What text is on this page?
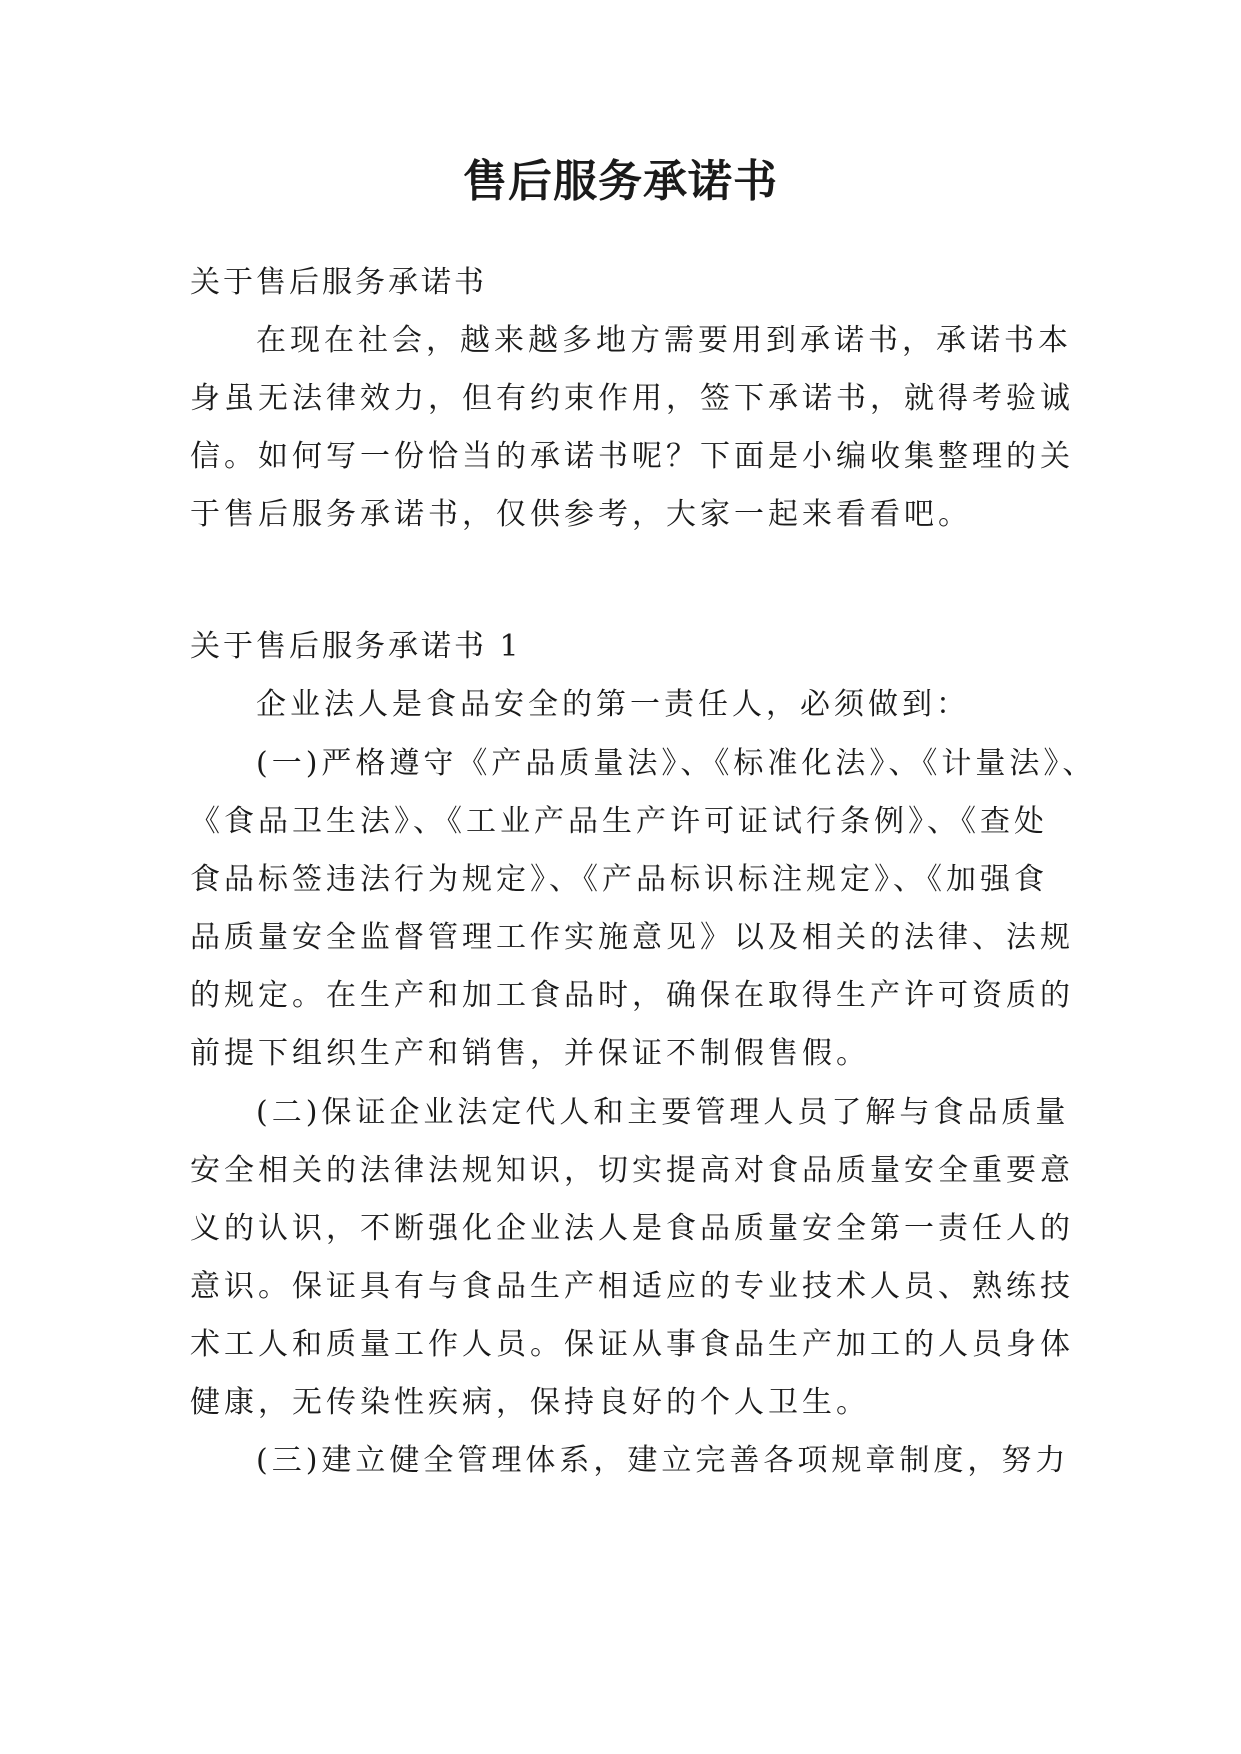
售后服务承诺书

关于售后服务承诺书

在现在社会，越来越多地方需要用到承诺书，承诺书本
身虽无法律效力，但有约束作用，签下承诺书，就得考验诚
信。如何写一份恰当的承诺书呢？下面是小编收集整理的关
于售后服务承诺书，仅供参考，大家一起来看看吧。

关于售后服务承诺书 1

企业法人是食品安全的第一责任人，必须做到：

(一)严格遵守《产品质量法》、《标准化法》、《计量法》、
《食品卫生法》、《工业产品生产许可证试行条例》、《查处
食品标签违法行为规定》、《产品标识标注规定》、《加强食
品质量安全监督管理工作实施意见》以及相关的法律、法规
的规定。在生产和加工食品时，确保在取得生产许可资质的
前提下组织生产和销售，并保证不制假售假。

(二)保证企业法定代人和主要管理人员了解与食品质量
安全相关的法律法规知识，切实提高对食品质量安全重要意
义的认识，不断强化企业法人是食品质量安全第一责任人的
意识。保证具有与食品生产相适应的专业技术人员、熟练技
术工人和质量工作人员。保证从事食品生产加工的人员身体
健康，无传染性疾病，保持良好的个人卫生。

(三)建立健全管理体系，建立完善各项规章制度，努力
